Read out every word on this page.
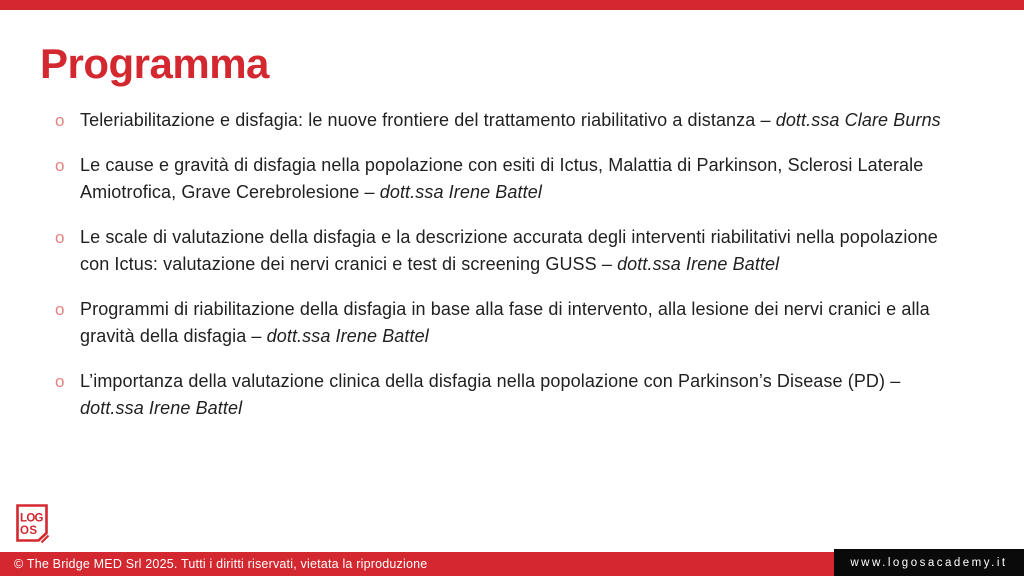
Programma
o Teleriabilitazione e disfagia: le nuove frontiere del trattamento riabilitativo a distanza – dott.ssa Clare Burns
o Le cause e gravità di disfagia nella popolazione con esiti di Ictus, Malattia di Parkinson, Sclerosi Laterale Amiotrofica, Grave Cerebrolesione – dott.ssa Irene Battel
o Le scale di valutazione della disfagia e la descrizione accurata degli interventi riabilitativi nella popolazione con Ictus: valutazione dei nervi cranici e test di screening GUSS – dott.ssa Irene Battel
o Programmi di riabilitazione della disfagia in base alla fase di intervento, alla lesione dei nervi cranici e alla gravità della disfagia – dott.ssa Irene Battel
o L’importanza della valutazione clinica della disfagia nella popolazione con Parkinson’s Disease (PD) – dott.ssa Irene Battel
LOG
OS
© The Bridge MED Srl 2025. Tutti i diritti riservati, vietata la riproduzione	www.logosacademy.it
